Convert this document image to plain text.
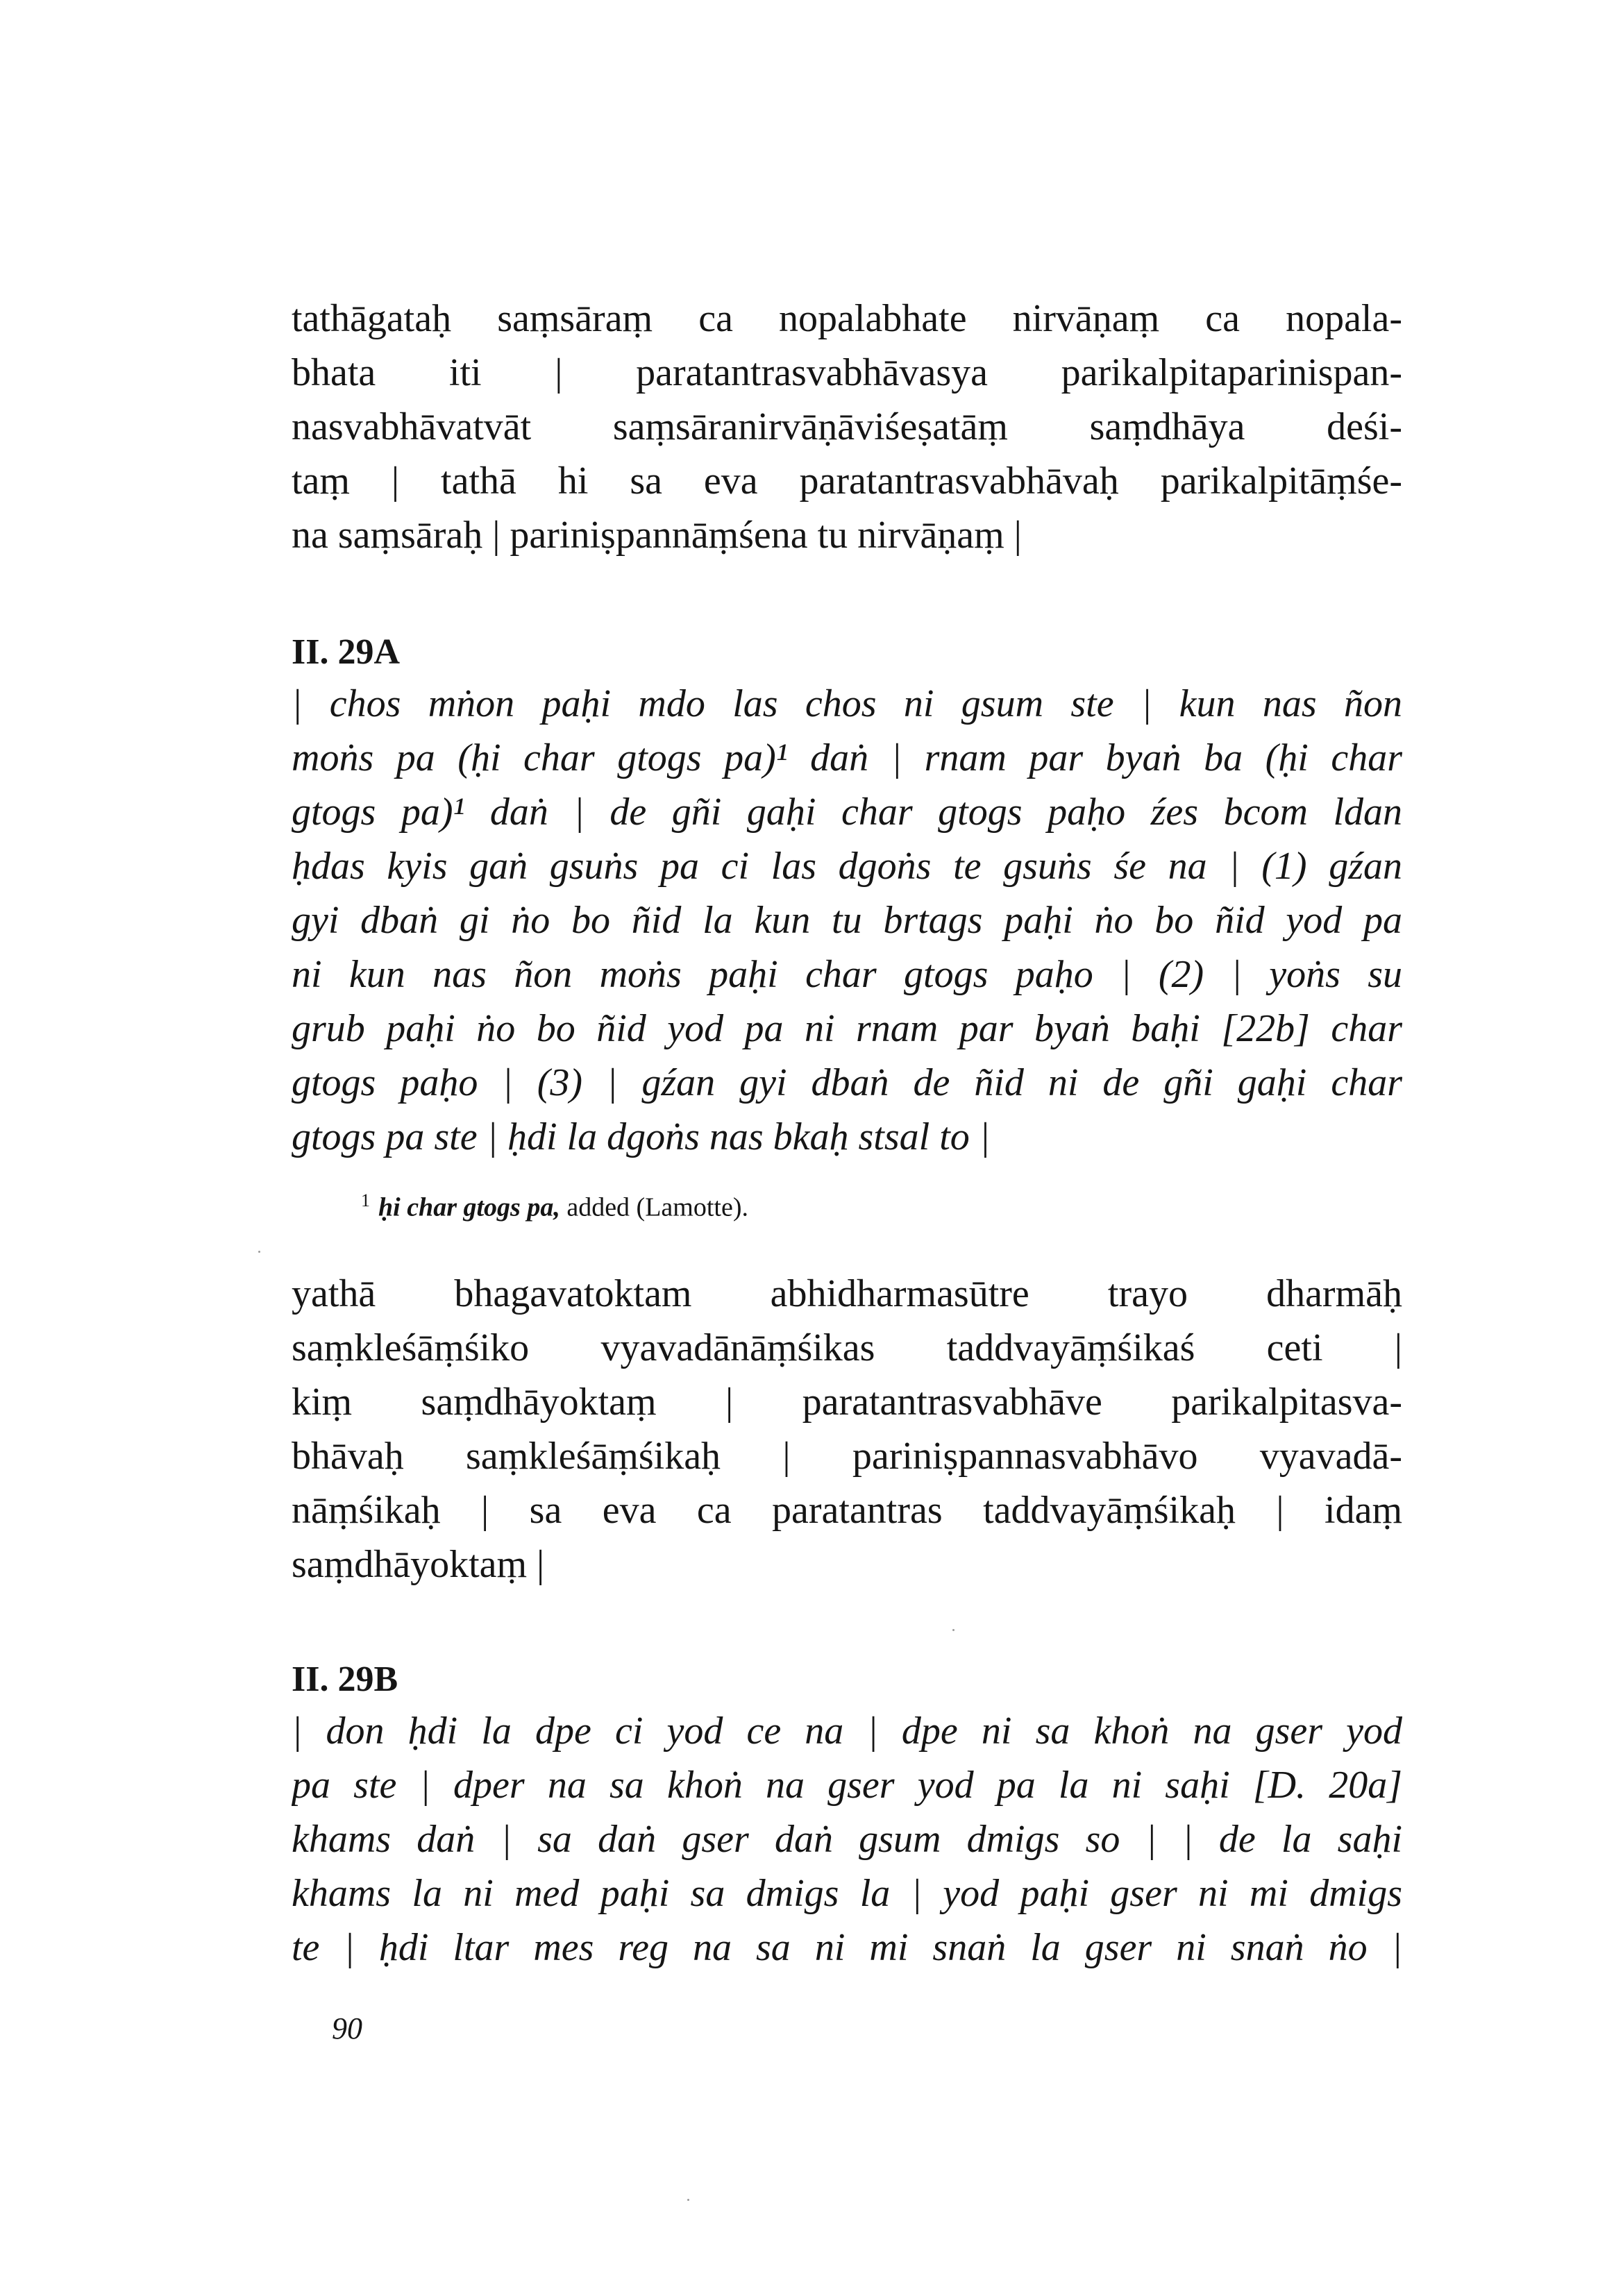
tathāgataḥ saṃsāraṃ ca nopalabhate nirvāṇaṃ ca nopala-
bhata iti | paratantrasvabhāvasya parikalpitaparinispan-
nasvabhāvatvāt saṃsāranirvāṇāviśeṣatāṃ saṃdhāya deśi-
taṃ | tathā hi sa eva paratantrasvabhāvaḥ parikalpitāṃśe-
na saṃsāraḥ | pariniṣpannāṃśena tu nirvāṇaṃ |
II. 29A
| chos mṅon paḥi mdo las chos ni gsum ste | kun nas ñon
moṅs pa (ḥi char gtogs pa)¹ daṅ | rnam par byaṅ ba (ḥi char
gtogs pa)¹ daṅ | de gñi gaḥi char gtogs paḥo źes bcom ldan
ḥdas kyis gaṅ gsuṅs pa ci las dgoṅs te gsuṅs śe na | (1) gźan
gyi dbaṅ gi ṅo bo ñid la kun tu brtags paḥi ṅo bo ñid yod pa
ni kun nas ñon moṅs paḥi char gtogs paḥo | (2) | yoṅs su
grub paḥi ṅo bo ñid yod pa ni rnam par byaṅ baḥi [22b] char
gtogs paḥo | (3) | gźan gyi dbaṅ de ñid ni de gñi gaḥi char
gtogs pa ste | ḥdi la dgoṅs nas bkaḥ stsal to |
$^1$ ḥi char gtogs pa, added (Lamotte).
yathā bhagavatoktam abhidharmasūtre trayo dharmāḥ
saṃkleśāṃśiko vyavadānāṃśikas taddvayāṃśikaś ceti |
kiṃ saṃdhāyoktaṃ | paratantrasvabhāve parikalpitasva-
bhāvaḥ saṃkleśāṃśikaḥ | pariniṣpannasvabhāvo vyavadā-
nāṃśikaḥ | sa eva ca paratantras taddvayāṃśikaḥ | idaṃ
saṃdhāyoktaṃ |
II. 29B
| don ḥdi la dpe ci yod ce na | dpe ni sa khoṅ na gser yod
pa ste | dper na sa khoṅ na gser yod pa la ni saḥi [D. 20a]
khams daṅ | sa daṅ gser daṅ gsum dmigs so | | de la saḥi
khams la ni med paḥi sa dmigs la | yod paḥi gser ni mi dmigs
te | ḥdi ltar mes reg na sa ni mi snaṅ la gser ni snaṅ ṅo |
90
